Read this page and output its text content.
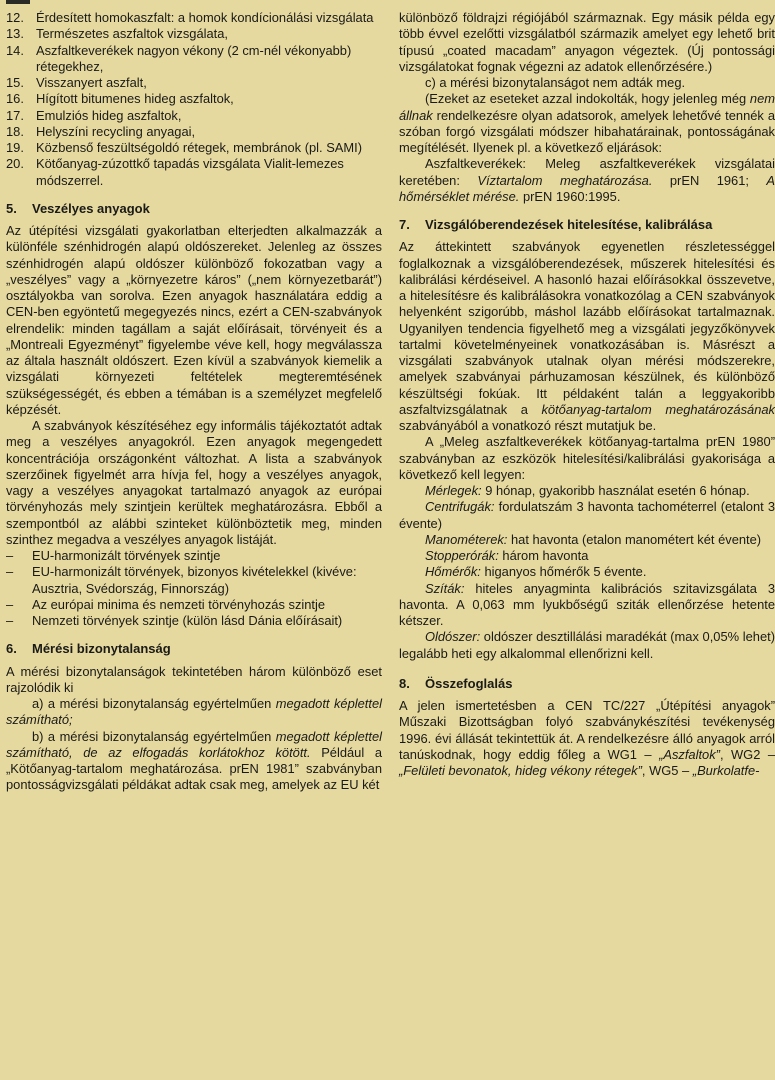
12. Érdesített homokaszfalt: a homok kondícionálási vizsgálata
13. Természetes aszfaltok vizsgálata,
14. Aszfaltkeverékek nagyon vékony (2 cm-nél vékonyabb) rétegekhez,
15. Visszanyert aszfalt,
16. Hígított bitumenes hideg aszfaltok,
17. Emulziós hideg aszfaltok,
18. Helyszíni recycling anyagai,
19. Közbenső feszültségoldó rétegek, membránok (pl. SAMI)
20. Kötőanyag-zúzottkő tapadás vizsgálata Vialit-lemezes módszerrel.
5.	Veszélyes anyagok

Az útépítési vizsgálati gyakorlatban elterjedten alkalmazzák a különféle szénhidrogén alapú oldószereket. Jelenleg az összes szénhidrogén alapú oldószer különböző fokozatban vagy a „veszélyes” vagy a „környezetre káros” („nem környezetbarát”) osztályokba van sorolva. Ezen anyagok használatára eddig a CEN-ben egyöntetű megegyezés nincs, ezért a CEN-szabványok elrendelik: minden tagállam a saját előírásait, törvényeit és a „Montreali Egyezményt” figyelembe véve kell, hogy megválassza az általa használt oldószert. Ezen kívül a szabványok kiemelik a vizsgálati környezeti feltételek megteremtésének szükségességét, és ebben a témában is a személyzet megfelelő képzését.

A szabványok készítéséhez egy informális tájékoztatót adtak meg a veszélyes anyagokról. Ezen anyagok megengedett koncentrációja országonként változhat. A lista a szabványok szerzőinek figyelmét arra hívja fel, hogy a veszélyes anyagok, vagy a veszélyes anyagokat tartalmazó anyagok az európai törvényhozás mely szintjein kerültek meghatározásra. Ebből a szempontból az alábbi szinteket különböztetik meg, minden szinthez megadva a veszélyes anyagok listáját.

–	EU-harmonizált törvények szintje
–	EU-harmonizált törvények, bizonyos kivételekkel (kivéve: Ausztria, Svédország, Finnország)
–	Az európai minima és nemzeti törvényhozás szintje
–	Nemzeti törvények szintje (külön lásd Dánia előírásait)
6.	Mérési bizonytalanság

A mérési bizonytalanságok tekintetében három különböző eset rajzolódik ki

a) a mérési bizonytalanság egyértelműen megadott képlettel számítható;

b) a mérési bizonytalanság egyértelműen megadott képlettel számítható, de az elfogadás korlátokhoz kötött. Például a „Kötőanyag-tartalom meghatározása. prEN 1981” szabványban pontosságvizsgálati példákat adtak csak meg, amelyek az EU két

különböző földrajzi régiójából származnak. Egy másik példa egy több évvel ezelőtti vizsgálatból származik amelyet egy lehető brit típusú „coated macadam” anyagon végeztek. (Új pontossági vizsgálatokat fognak végezni az adatok ellenőrzésére.)

c) a mérési bizonytalanságot nem adták meg.

(Ezeket az eseteket azzal indokolták, hogy jelenleg még nem állnak rendelkezésre olyan adatsorok, amelyek lehetővé tennék a szóban forgó vizsgálati módszer hibahatárainak, pontosságának megítélését. Ilyenek pl. a következő eljárások:

Aszfaltkeverékek: Meleg aszfaltkeverékek vizsgálatai keretében: Víztartalom meghatározása. prEN 1961; A hőmérséklet mérése. prEN 1960:1995.

7.	Vizsgálóberendezések hitelesítése, kalibrálása

Az áttekintett szabványok egyenetlen részletességgel foglalkoznak a vizsgálóberendezések, műszerek hitelesítési és kalibrálási kérdéseivel. A hasonló hazai előírásokkal összevetve, a hitelesítésre és kalibrálásokra vonatkozólag a CEN szabványok helyenként szigorúbb, máshol lazább előírásokat tartalmaznak. Ugyanilyen tendencia figyelhető meg a vizsgálati jegyzőkönyvek tartalmi követelményeinek vonatkozásában is. Másrészt a vizsgálati szabványok utalnak olyan mérési módszerekre, amelyek szabványai párhuzamosan készülnek, és különböző készültségi fokúak. Itt példaként talán a leggyakoribb aszfaltvizsgálatnak a kötőanyag-tartalom meghatározásának szabványából a vonatkozó részt mutatjuk be.

A „Meleg aszfaltkeverékek kötőanyag-tartalma prEN 1980” szabványban az eszközök hitelesítési/kalibrálási gyakorisága a következő kell legyen:

Mérlegek: 9 hónap, gyakoribb használat esetén 6 hónap.

Centrifugák: fordulatszám 3 havonta tachométerrel (etalont 3 évente)

Manométerek: hat havonta (etalon manométert két évente)

Stopperórák: három havonta

Hőmérők: higanyos hőmérők 5 évente.

Szíták: hiteles anyagminta kalibrációs szitavizsgálata 3 havonta. A 0,063 mm lyukbőségű sziták ellenőrzése hetente kétszer.

Oldószer: oldószer desztillálási maradékát (max 0,05% lehet) legalább heti egy alkalommal ellenőrizni kell.

8.	Összefoglalás

A jelen ismertetésben a CEN TC/227 „Útépítési anyagok” Műszaki Bizottságban folyó szabványkészítési tevékenység 1996. évi állását tekintettük át. A rendelkezésre álló anyagok arról tanúskodnak, hogy eddig főleg a WG1 – „Aszfaltok”, WG2 – „Felületi bevonatok, hideg vékony rétegek”, WG5 – „Burkolatfe-
